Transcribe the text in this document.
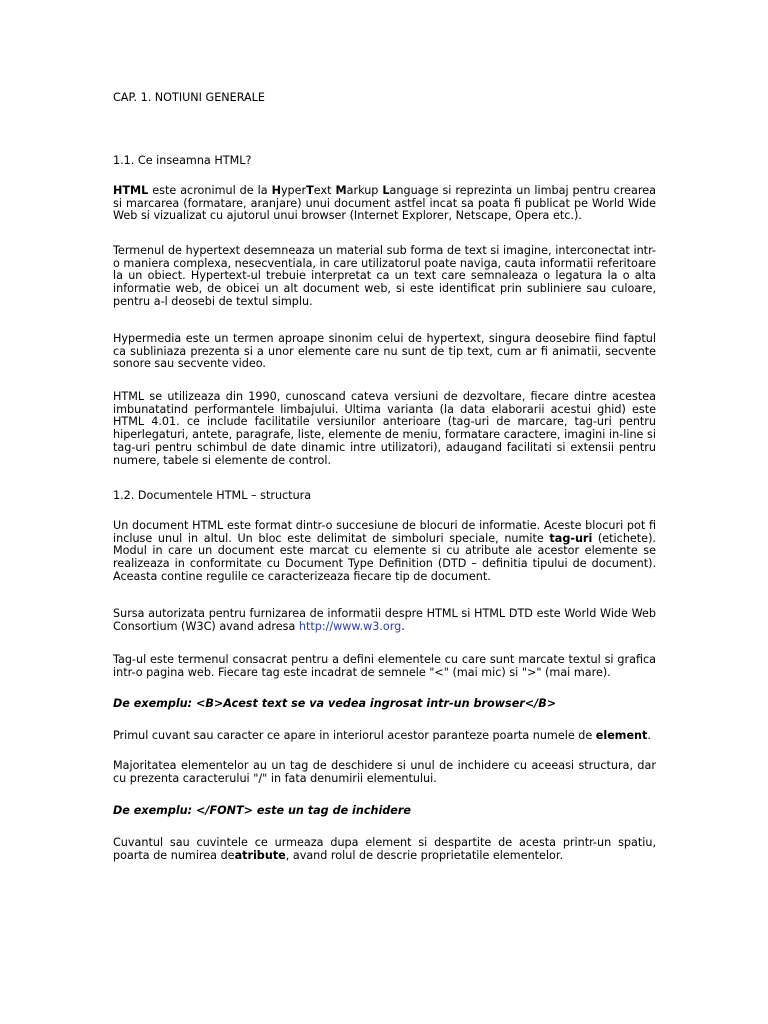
CAP. 1. NOTIUNI GENERALE

1.1. Ce inseamna HTML?

HTML este acronimul de la HyperText Markup Language si reprezinta un limbaj pentru crearea si marcarea (formatare, aranjare) unui document astfel incat sa poata fi publicat pe World Wide Web si vizualizat cu ajutorul unui browser (Internet Explorer, Netscape, Opera etc.).

Termenul de hypertext desemneaza un material sub forma de text si imagine, interconectat intr-o maniera complexa, nesecventiala, in care utilizatorul poate naviga, cauta informatii referitoare la un obiect. Hypertext-ul trebuie interpretat ca un text care semnaleaza o legatura la o alta informatie web, de obicei un alt document web, si este identificat prin subliniere sau culoare, pentru a-l deosebi de textul simplu.

Hypermedia este un termen aproape sinonim celui de hypertext, singura deosebire fiind faptul ca subliniaza prezenta si a unor elemente care nu sunt de tip text, cum ar fi animatii, secvente sonore sau secvente video.

HTML se utilizeaza din 1990, cunoscand cateva versiuni de dezvoltare, fiecare dintre acestea imbunatatind performantele limbajului. Ultima varianta (la data elaborarii acestui ghid) este HTML 4.01. ce include facilitatile versiunilor anterioare (tag-uri de marcare, tag-uri pentru hiperlegaturi, antete, paragrafe, liste, elemente de meniu, formatare caractere, imagini in-line si tag-uri pentru schimbul de date dinamic intre utilizatori), adaugand facilitati si extensii pentru numere, tabele si elemente de control.

1.2. Documentele HTML – structura

Un document HTML este format dintr-o succesiune de blocuri de informatie. Aceste blocuri pot fi incluse unul in altul. Un bloc este delimitat de simboluri speciale, numite tag-uri (etichete). Modul in care un document este marcat cu elemente si cu atribute ale acestor elemente se realizeaza in conformitate cu Document Type Definition (DTD – definitia tipului de document). Aceasta contine regulile ce caracterizeaza fiecare tip de document.

Sursa autorizata pentru furnizarea de informatii despre HTML si HTML DTD este World Wide Web Consortium (W3C) avand adresa http://www.w3.org.

Tag-ul este termenul consacrat pentru a defini elementele cu care sunt marcate textul si grafica intr-o pagina web. Fiecare tag este incadrat de semnele "<" (mai mic) si ">" (mai mare).

De exemplu: <B>Acest text se va vedea ingrosat intr-un browser</B>

Primul cuvant sau caracter ce apare in interiorul acestor paranteze poarta numele de element.

Majoritatea elementelor au un tag de deschidere si unul de inchidere cu aceeasi structura, dar cu prezenta caracterului "/" in fata denumirii elementului.

De exemplu: </FONT> este un tag de inchidere

Cuvantul sau cuvintele ce urmeaza dupa element si despartite de acesta printr-un spatiu, poarta de numirea deatribute, avand rolul de descrie proprietatile elementelor.
